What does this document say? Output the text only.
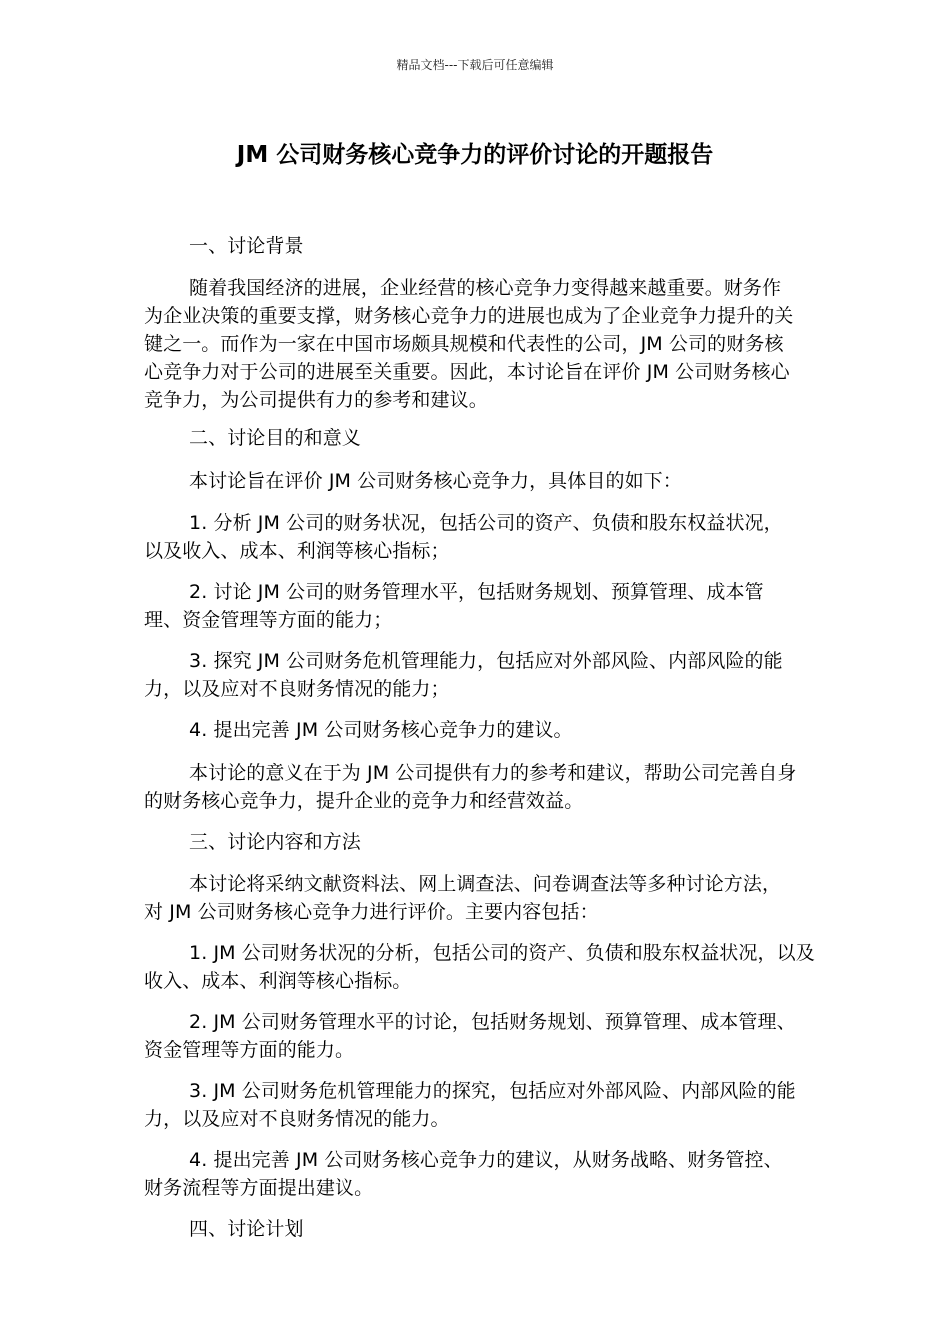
精品文档---下载后可任意编辑
JM 公司财务核心竞争力的评价讨论的开题报告

一、讨论背景

随着我国经济的进展，企业经营的核心竞争力变得越来越重要。财务作为企业决策的重要支撑，财务核心竞争力的进展也成为了企业竞争力提升的关键之一。而作为一家在中国市场颇具规模和代表性的公司，JM 公司的财务核心竞争力对于公司的进展至关重要。因此，本讨论旨在评价 JM 公司财务核心竞争力，为公司提供有力的参考和建议。

二、讨论目的和意义

本讨论旨在评价 JM 公司财务核心竞争力，具体目的如下：

1. 分析 JM 公司的财务状况，包括公司的资产、负债和股东权益状况，以及收入、成本、利润等核心指标；

2. 讨论 JM 公司的财务管理水平，包括财务规划、预算管理、成本管理、资金管理等方面的能力；

3. 探究 JM 公司财务危机管理能力，包括应对外部风险、内部风险的能力，以及应对不良财务情况的能力；

4. 提出完善 JM 公司财务核心竞争力的建议。

本讨论的意义在于为 JM 公司提供有力的参考和建议，帮助公司完善自身的财务核心竞争力，提升企业的竞争力和经营效益。

三、讨论内容和方法

本讨论将采纳文献资料法、网上调查法、问卷调查法等多种讨论方法，对 JM 公司财务核心竞争力进行评价。主要内容包括：

1. JM 公司财务状况的分析，包括公司的资产、负债和股东权益状况，以及收入、成本、利润等核心指标。

2. JM 公司财务管理水平的讨论，包括财务规划、预算管理、成本管理、资金管理等方面的能力。

3. JM 公司财务危机管理能力的探究，包括应对外部风险、内部风险的能力，以及应对不良财务情况的能力。

4. 提出完善 JM 公司财务核心竞争力的建议，从财务战略、财务管控、财务流程等方面提出建议。

四、讨论计划
